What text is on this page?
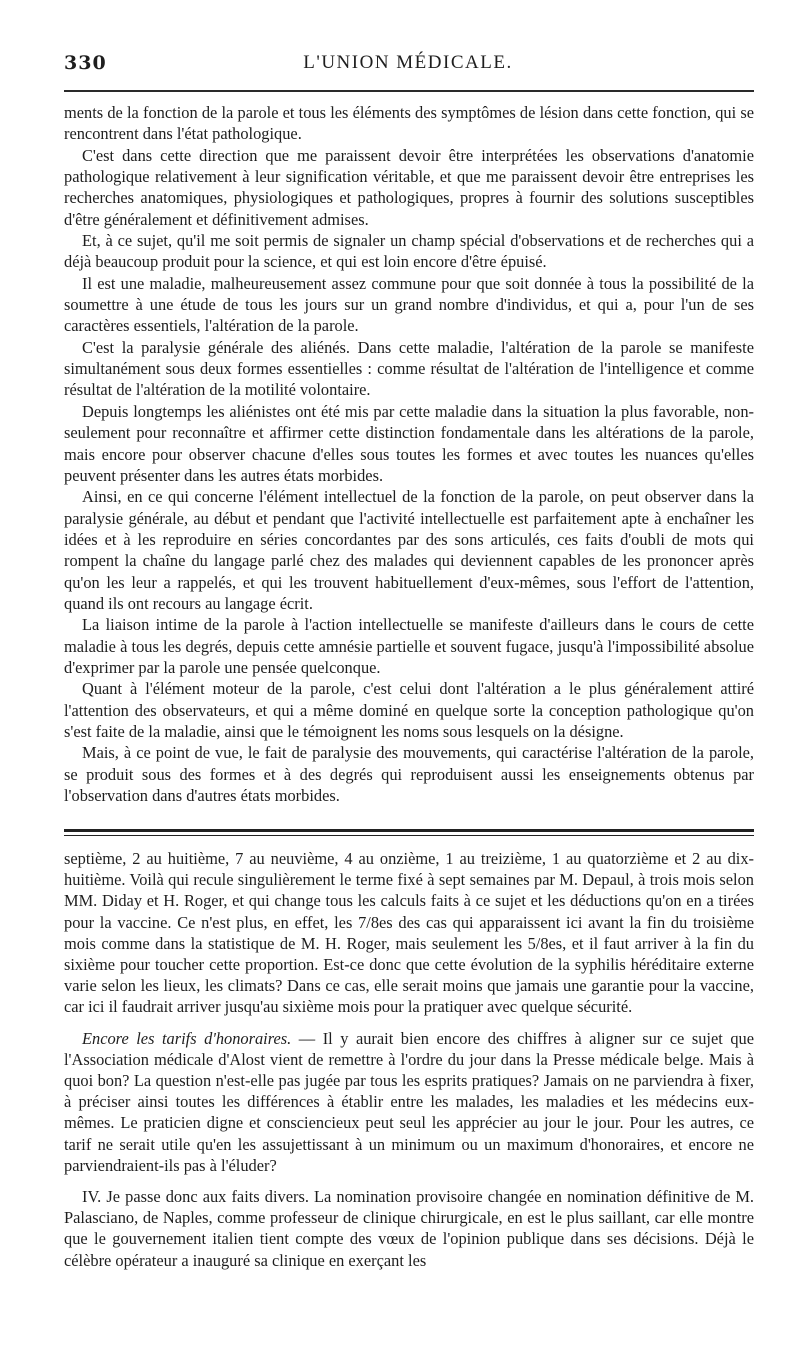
330	L'UNION MÉDICALE.

ments de la fonction de la parole et tous les éléments des symptômes de lésion dans cette fonction, qui se rencontrent dans l'état pathologique.

C'est dans cette direction que me paraissent devoir être interprétées les observations d'anatomie pathologique relativement à leur signification véritable, et que me paraissent devoir être entreprises les recherches anatomiques, physiologiques et pathologiques, propres à fournir des solutions susceptibles d'être généralement et définitivement admises.

Et, à ce sujet, qu'il me soit permis de signaler un champ spécial d'observations et de recherches qui a déjà beaucoup produit pour la science, et qui est loin encore d'être épuisé.

Il est une maladie, malheureusement assez commune pour que soit donnée à tous la possibilité de la soumettre à une étude de tous les jours sur un grand nombre d'individus, et qui a, pour l'un de ses caractères essentiels, l'altération de la parole.

C'est la paralysie générale des aliénés. Dans cette maladie, l'altération de la parole se manifeste simultanément sous deux formes essentielles : comme résultat de l'altération de l'intelligence et comme résultat de l'altération de la motilité volontaire.

Depuis longtemps les aliénistes ont été mis par cette maladie dans la situation la plus favorable, non-seulement pour reconnaître et affirmer cette distinction fondamentale dans les altérations de la parole, mais encore pour observer chacune d'elles sous toutes les formes et avec toutes les nuances qu'elles peuvent présenter dans les autres états morbides.

Ainsi, en ce qui concerne l'élément intellectuel de la fonction de la parole, on peut observer dans la paralysie générale, au début et pendant que l'activité intellectuelle est parfaitement apte à enchaîner les idées et à les reproduire en séries concordantes par des sons articulés, ces faits d'oubli de mots qui rompent la chaîne du langage parlé chez des malades qui deviennent capables de les prononcer après qu'on les leur a rappelés, et qui les trouvent habituellement d'eux-mêmes, sous l'effort de l'attention, quand ils ont recours au langage écrit.

La liaison intime de la parole à l'action intellectuelle se manifeste d'ailleurs dans le cours de cette maladie à tous les degrés, depuis cette amnésie partielle et souvent fugace, jusqu'à l'impossibilité absolue d'exprimer par la parole une pensée quelconque.

Quant à l'élément moteur de la parole, c'est celui dont l'altération a le plus généralement attiré l'attention des observateurs, et qui a même dominé en quelque sorte la conception pathologique qu'on s'est faite de la maladie, ainsi que le témoignent les noms sous lesquels on la désigne.

Mais, à ce point de vue, le fait de paralysie des mouvements, qui caractérise l'altération de la parole, se produit sous des formes et à des degrés qui reproduisent aussi les enseignements obtenus par l'observation dans d'autres états morbides.

septième, 2 au huitième, 7 au neuvième, 4 au onzième, 1 au treizième, 1 au quatorzième et 2 au dix-huitième. Voilà qui recule singulièrement le terme fixé à sept semaines par M. Depaul, à trois mois selon MM. Diday et H. Roger, et qui change tous les calculs faits à ce sujet et les déductions qu'on en a tirées pour la vaccine. Ce n'est plus, en effet, les 7/8es des cas qui apparaissent ici avant la fin du troisième mois comme dans la statistique de M. H. Roger, mais seulement les 5/8es, et il faut arriver à la fin du sixième pour toucher cette proportion. Est-ce donc que cette évolution de la syphilis héréditaire externe varie selon les lieux, les climats? Dans ce cas, elle serait moins que jamais une garantie pour la vaccine, car ici il faudrait arriver jusqu'au sixième mois pour la pratiquer avec quelque sécurité.

Encore les tarifs d'honoraires. — Il y aurait bien encore des chiffres à aligner sur ce sujet que l'Association médicale d'Alost vient de remettre à l'ordre du jour dans la Presse médicale belge. Mais à quoi bon? La question n'est-elle pas jugée par tous les esprits pratiques? Jamais on ne parviendra à fixer, à préciser ainsi toutes les différences à établir entre les malades, les maladies et les médecins eux-mêmes. Le praticien digne et consciencieux peut seul les apprécier au jour le jour. Pour les autres, ce tarif ne serait utile qu'en les assujettissant à un minimum ou un maximum d'honoraires, et encore ne parviendraient-ils pas à l'éluder?

IV. Je passe donc aux faits divers. La nomination provisoire changée en nomination définitive de M. Palasciano, de Naples, comme professeur de clinique chirurgicale, en est le plus saillant, car elle montre que le gouvernement italien tient compte des vœux de l'opinion publique dans ses décisions. Déjà le célèbre opérateur a inauguré sa clinique en exerçant les
